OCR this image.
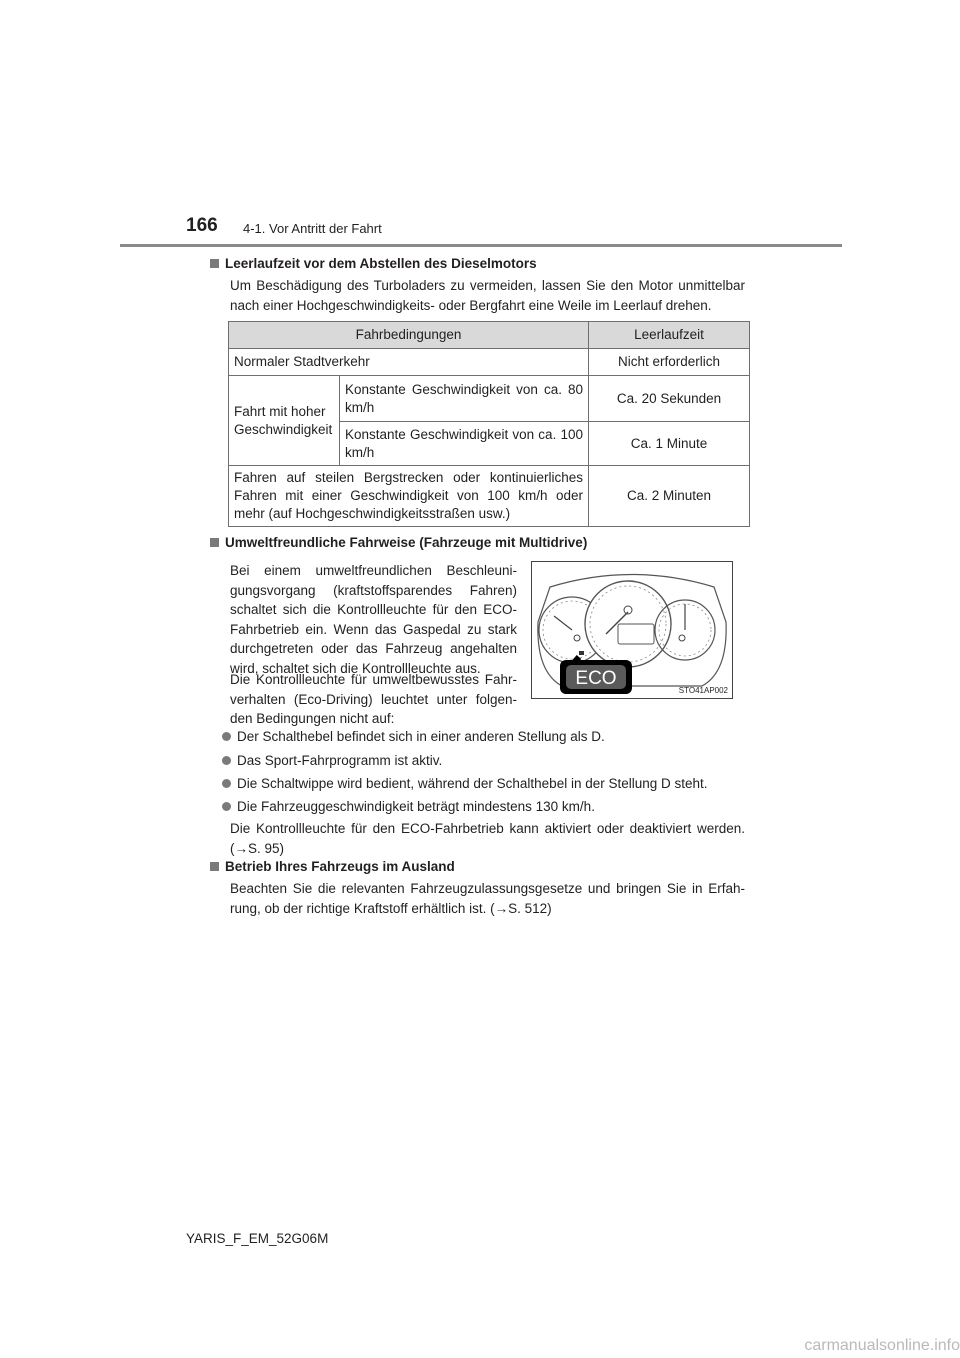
166 4-1. Vor Antritt der Fahrt
Leerlaufzeit vor dem Abstellen des Dieselmotors
Um Beschädigung des Turboladers zu vermeiden, lassen Sie den Motor unmittelbar
nach einer Hochgeschwindigkeits- oder Bergfahrt eine Weile im Leerlauf drehen.
Fahrbedingungen		Leerlaufzeit
Normaler Stadtverkehr		Nicht erforderlich
Fahrt mit hoher Geschwindigkeit	Konstante Geschwindigkeit von ca. 80 km/h	Ca. 20 Sekunden
	Konstante Geschwindigkeit von ca. 100 km/h	Ca. 1 Minute
Fahren auf steilen Bergstrecken oder kontinuierliches Fahren mit einer Geschwindigkeit von 100 km/h oder mehr (auf Hochgeschwindigkeitsstraßen usw.)		Ca. 2 Minuten
Umweltfreundliche Fahrweise (Fahrzeuge mit Multidrive)
Bei einem umweltfreundlichen Beschleuni-
gungsvorgang (kraftstoffsparendes Fahren)
schaltet sich die Kontrollleuchte für den ECO-
Fahrbetrieb ein. Wenn das Gaspedal zu stark
durchgetreten oder das Fahrzeug angehalten
wird, schaltet sich die Kontrollleuchte aus.
Die Kontrollleuchte für umweltbewusstes Fahr-
verhalten (Eco-Driving) leuchtet unter folgen-
den Bedingungen nicht auf:
ECO
STO41AP002
Der Schalthebel befindet sich in einer anderen Stellung als D.
Das Sport-Fahrprogramm ist aktiv.
Die Schaltwippe wird bedient, während der Schalthebel in der Stellung D steht.
Die Fahrzeuggeschwindigkeit beträgt mindestens 130 km/h.
Die Kontrollleuchte für den ECO-Fahrbetrieb kann aktiviert oder deaktiviert werden.
(→S. 95)
Betrieb Ihres Fahrzeugs im Ausland
Beachten Sie die relevanten Fahrzeugzulassungsgesetze und bringen Sie in Erfah-
rung, ob der richtige Kraftstoff erhältlich ist. (→S. 512)
YARIS_F_EM_52G06M
carmanualsonline.info
